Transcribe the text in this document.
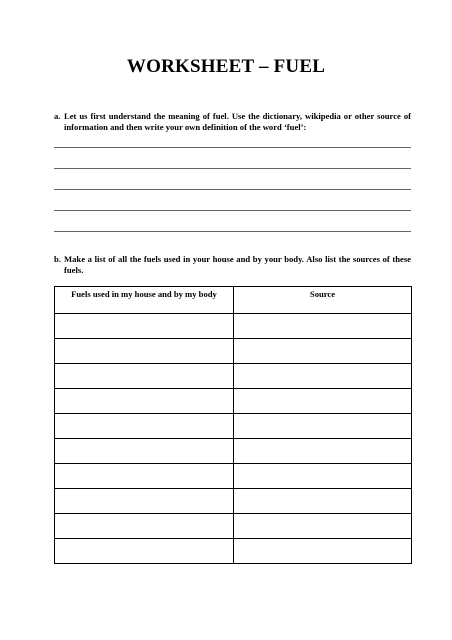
WORKSHEET – FUEL
a. Let us first understand the meaning of fuel. Use the dictionary, wikipedia or other source of information and then write your own definition of the word ‘fuel’:
b. Make a list of all the fuels used in your house and by your body. Also list the sources of these fuels.
Fuels used in my house and by my body	Source
